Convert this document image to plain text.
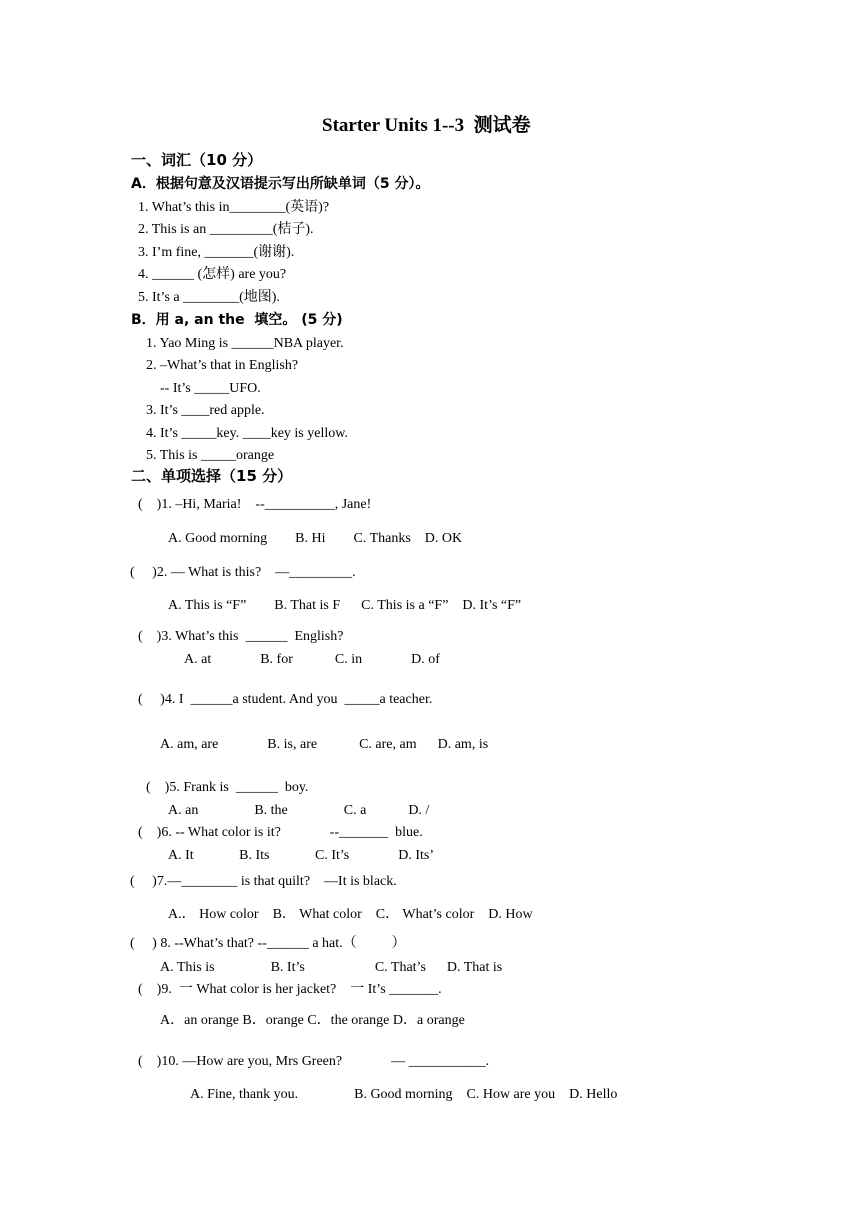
Starter Units 1--3  测试卷
一、词汇（10 分）
A．根据句意及汉语提示写出所缺单词（5 分）。
1. What’s this in________(英语)?
2. This is an _________(桔子).
3. I’m fine, _______(谢谢).
4. ______ (怎样) are you?
5. It’s a ________(地图).
B．用 a, an the  填空。 (5 分)
1. Yao Ming is ______NBA player.
2. –What’s that in English?
-- It’s _____UFO.
3. It’s ____red apple.
4. It’s _____key. ____key is yellow.
5. This is _____orange
二、单项选择（15 分）
(    )1. –Hi, Maria!    --__________, Jane!
A. Good morning        B. Hi        C. Thanks    D. OK
(     )2. — What is this?    —_________.
A. This is “F”        B. That is F      C. This is a “F”    D. It’s “F”
(    )3. What’s this  ______  English?
A. at              B. for            C. in              D. of
(     )4. I  ______a student. And you  _____a teacher.
A. am, are              B. is, are            C. are, am      D. am, is
(    )5. Frank is  ______  boy.
A. an                B. the                C. a            D. /
(    )6. -- What color is it?              --_______  blue.
A. It             B. Its             C. It’s              D. Its’
(     )7.—________ is that quilt?    —It is black.
A.． How color    B． What color    C． What’s color    D. How
(     ) 8. --What’s that? --______ a hat.（          ）
A. This is                B. It’s                    C. That’s      D. That is
(    )9.  一 What color is her jacket?    一 It’s _______.
A．an orange B．orange C．the orange D．a orange
(    )10. —How are you, Mrs Green?              — ___________.
A. Fine, thank you.                B. Good morning    C. How are you    D. Hello
